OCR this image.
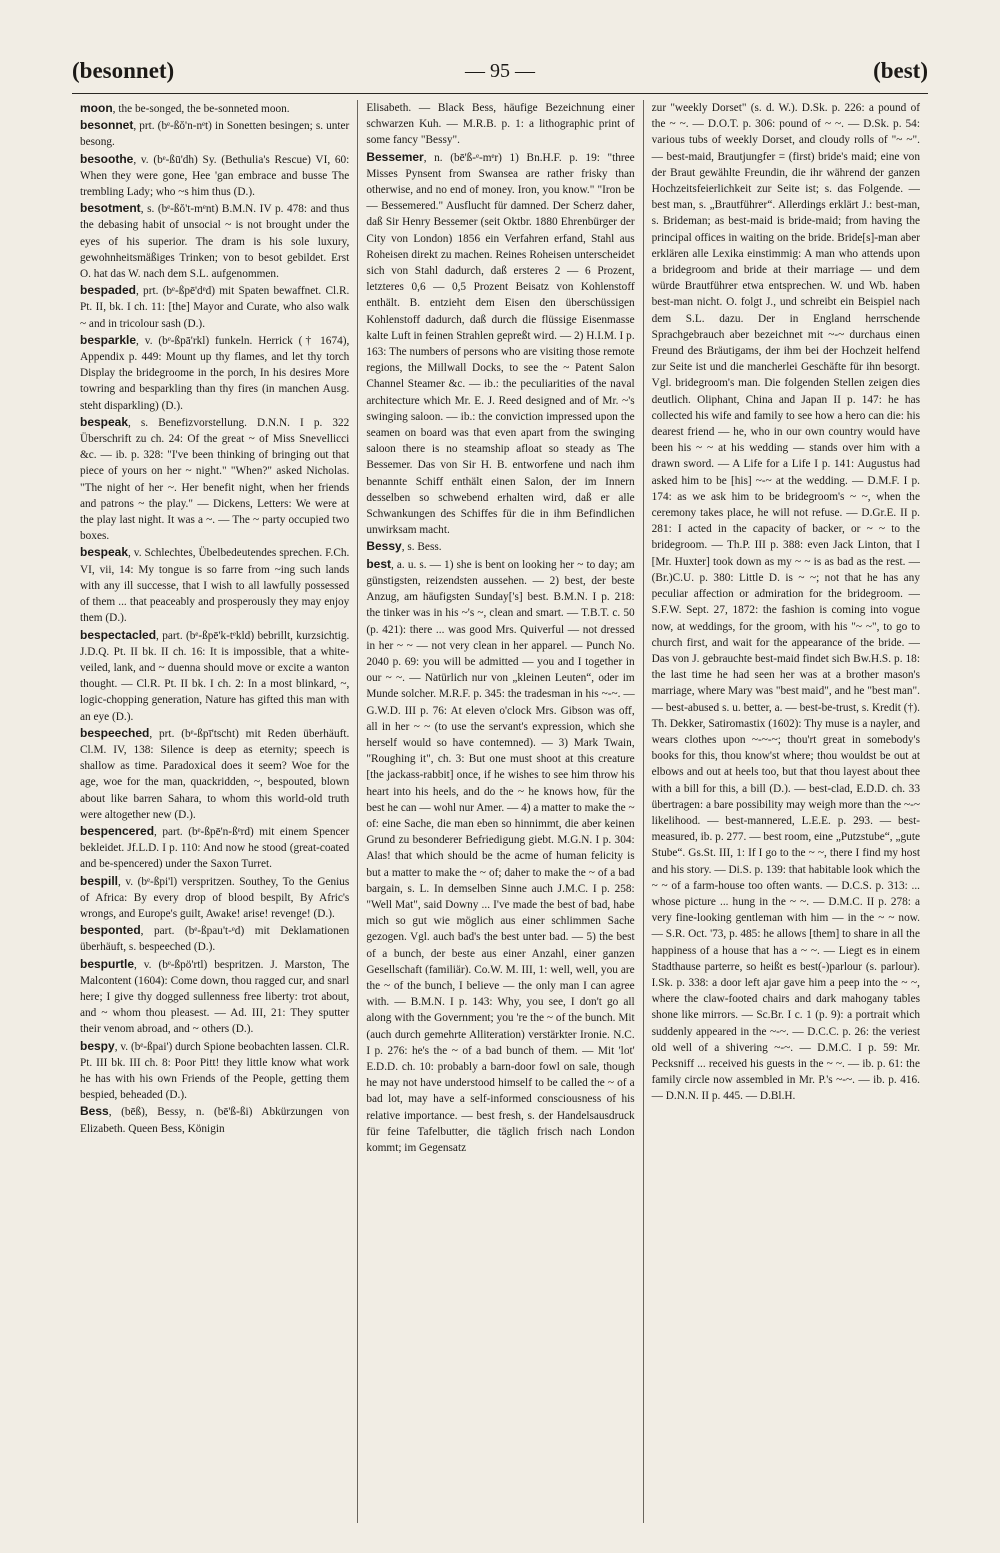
(besonnet)	— 95 —	(best)

moon, the be-songed, the be-sonneted moon.

besonnet, prt. (bᵉ-ßŏ'n-nᵉt) in Sonetten besingen; s. unter besong.

besoothe, v. (bᵉ-ßū'dh) Sy. (Bethulia's Rescue) VI, 60: When they were gone, Hee 'gan embrace and busse The trembling Lady; who ~s him thus (D.).

besotment, s. (bᵉ-ßŏ't-mᵉnt) B.M.N. IV p. 478: and thus the debasing habit of unsocial ~ is not brought under the eyes of his superior. The dram is his sole luxury, gewohnheitsmäßiges Trinken; von to besot gebildet. Erst O. hat das W. nach dem S.L. aufgenommen.

bespaded, prt. (bᵉ-ßpē'dᵉd) mit Spaten bewaffnet. Cl.R. Pt. II, bk. I ch. 11: [the] Mayor and Curate, who also walk ~ and in tricolour sash (D.).

besparkle, v. (bᵉ-ßpā'rkl) funkeln. Herrick († 1674), Appendix p. 449: Mount up thy flames, and let thy torch Display the bridegroome in the porch, In his desires More towring and besparkling than thy fires (in manchen Ausg. steht disparkling) (D.).

bespeak, s. Benefizvorstellung. D.N.N. I p. 322 Überschrift zu ch. 24: Of the great ~ of Miss Snevellicci &c. — ib. p. 328: "I've been thinking of bringing out that piece of yours on her ~ night." "When?" asked Nicholas. "The night of her ~. Her benefit night, when her friends and patrons ~ the play." — Dickens, Letters: We were at the play last night. It was a ~. — The ~ party occupied two boxes.

bespeak, v. Schlechtes, Übelbedeutendes sprechen. F.Ch. VI, vii, 14: My tongue is so farre from ~ing such lands with any ill successe, that I wish to all lawfully possessed of them ... that peaceably and prosperously they may enjoy them (D.).

bespectacled, part. (bᵉ-ßpē'k-tᵉkld) bebrillt, kurzsichtig. J.D.Q. Pt. II bk. II ch. 16: It is impossible, that a white-veiled, lank, and ~ duenna should move or excite a wanton thought. — Cl.R. Pt. II bk. I ch. 2: In a most blinkard, ~, logic-chopping generation, Nature has gifted this man with an eye (D.).

bespeeched, prt. (bᵉ-ßpī'tscht) mit Reden überhäuft. Cl.M. IV, 138: Silence is deep as eternity; speech is shallow as time. Paradoxical does it seem? Woe for the age, woe for the man, quackridden, ~, bespouted, blown about like barren Sahara, to whom this world-old truth were altogether new (D.).

bespencered, part. (bᵉ-ßpē'n-ßᵉrd) mit einem Spencer bekleidet. Jf.L.D. I p. 110: And now he stood (great-coated and be-spencered) under the Saxon Turret.

bespill, v. (bᵉ-ßpi'l) verspritzen. Southey, To the Genius of Africa: By every drop of blood bespilt, By Afric's wrongs, and Europe's guilt, Awake! arise! revenge! (D.).

besponted, part. (bᵉ-ßpau't-ᵉd) mit Deklamationen überhäuft, s. bespeeched (D.).

bespurtle, v. (bᵉ-ßpö'rtl) bespritzen. J. Marston, The Malcontent (1604): Come down, thou ragged cur, and snarl here; I give thy dogged sullenness free liberty: trot about, and ~ whom thou pleasest. — Ad. III, 21: They sputter their venom abroad, and ~ others (D.).

bespy, v. (bᵉ-ßpai') durch Spione beobachten lassen. Cl.R. Pt. III bk. III ch. 8: Poor Pitt! they little know what work he has with his own Friends of the People, getting them bespied, beheaded (D.).

Bess, (bēß), Bessy, n. (bē'ß-ßi) Abkürzungen von Elizabeth. Queen Bess, Königin

Elisabeth. — Black Bess, häufige Bezeichnung einer schwarzen Kuh. — M.R.B. p. 1: a lithographic print of some fancy "Bessy".

Bessemer, n. (bē'ß-ᵉ-mᵉr) 1) Bn.H.F. p. 19: "three Misses Pynsent from Swansea are rather frisky than otherwise, and no end of money. Iron, you know." "Iron be — Bessemered." Ausflucht für damned. Der Scherz daher, daß Sir Henry Bessemer (seit Oktbr. 1880 Ehrenbürger der City von London) 1856 ein Verfahren erfand, Stahl aus Roheisen direkt zu machen. Reines Roheisen unterscheidet sich von Stahl dadurch, daß ersteres 2 — 6 Prozent, letzteres 0,6 — 0,5 Prozent Beisatz von Kohlenstoff enthält. B. entzieht dem Eisen den überschüssigen Kohlenstoff dadurch, daß durch die flüssige Eisenmasse kalte Luft in feinen Strahlen gepreßt wird. — 2) H.I.M. I p. 163: The numbers of persons who are visiting those remote regions, the Millwall Docks, to see the ~ Patent Salon Channel Steamer &c. — ib.: the peculiarities of the naval architecture which Mr. E. J. Reed designed and of Mr. ~'s swinging saloon. — ib.: the conviction impressed upon the seamen on board was that even apart from the swinging saloon there is no steamship afloat so steady as The Bessemer. Das von Sir H. B. entworfene und nach ihm benannte Schiff enthält einen Salon, der im Innern desselben so schwebend erhalten wird, daß er alle Schwankungen des Schiffes für die in ihm Befindlichen unwirksam macht.

Bessy, s. Bess.

best, a. u. s. — 1) she is bent on looking her ~ to day; am günstigsten, reizendsten aussehen. — 2) best, der beste Anzug, am häufigsten Sunday['s] best. B.M.N. I p. 218: the tinker was in his ~'s ~, clean and smart. — T.B.T. c. 50 (p. 421): there ... was good Mrs. Quiverful — not dressed in her ~ ~ — not very clean in her apparel. — Punch No. 2040 p. 69: you will be admitted — you and I together in our ~ ~. — Natürlich nur von „kleinen Leuten“, oder im Munde solcher. M.R.F. p. 345: the tradesman in his ~-~. — G.W.D. III p. 76: At eleven o'clock Mrs. Gibson was off, all in her ~ ~ (to use the servant's expression, which she herself would so have contemned). — 3) Mark Twain, "Roughing it", ch. 3: But one must shoot at this creature [the jackass-rabbit] once, if he wishes to see him throw his heart into his heels, and do the ~ he knows how, für the best he can — wohl nur Amer. — 4) a matter to make the ~ of: eine Sache, die man eben so hinnimmt, die aber keinen Grund zu besonderer Befriedigung giebt. M.G.N. I p. 304: Alas! that which should be the acme of human felicity is but a matter to make the ~ of; daher to make the ~ of a bad bargain, s. L. In demselben Sinne auch J.M.C. I p. 258: "Well Mat", said Downy ... I've made the best of bad, habe mich so gut wie möglich aus einer schlimmen Sache gezogen. Vgl. auch bad's the best unter bad. — 5) the best of a bunch, der beste aus einer Anzahl, einer ganzen Gesellschaft (familiär). Co.W. M. III, 1: well, well, you are the ~ of the bunch, I believe — the only man I can agree with. — B.M.N. I p. 143: Why, you see, I don't go all along with the Government; you 're the ~ of the bunch. Mit (auch durch gemehrte Alliteration) verstärkter Ironie. N.C. I p. 276: he's the ~ of a bad bunch of them. — Mit 'lot' E.D.D. ch. 10: probably a barn-door fowl on sale, though he may not have understood himself to be called the ~ of a bad lot, may have a self-informed consciousness of his relative importance. — best fresh, s. der Handelsausdruck für feine Tafelbutter, die täglich frisch nach London kommt; im Gegensatz

zur "weekly Dorset" (s. d. W.). D.Sk. p. 226: a pound of the ~ ~. — D.O.T. p. 306: pound of ~ ~. — D.Sk. p. 54: various tubs of weekly Dorset, and cloudy rolls of "~ ~". — best-maid, Brautjungfer = (first) bride's maid; eine von der Braut gewählte Freundin, die ihr während der ganzen Hochzeitsfeierlichkeit zur Seite ist; s. das Folgende. — best man, s. „Brautführer“. Allerdings erklärt J.: best-man, s. Brideman; as best-maid is bride-maid; from having the principal offices in waiting on the bride. Bride[s]-man aber erklären alle Lexika einstimmig: A man who attends upon a bridegroom and bride at their marriage — und dem würde Brautführer etwa entsprechen. W. und Wb. haben best-man nicht. O. folgt J., und schreibt ein Beispiel nach dem S.L. dazu. Der in England herrschende Sprachgebrauch aber bezeichnet mit ~-~ durchaus einen Freund des Bräutigams, der ihm bei der Hochzeit helfend zur Seite ist und die mancherlei Geschäfte für ihn besorgt. Vgl. bridegroom's man. Die folgenden Stellen zeigen dies deutlich. Oliphant, China and Japan II p. 147: he has collected his wife and family to see how a hero can die: his dearest friend — he, who in our own country would have been his ~ ~ at his wedding — stands over him with a drawn sword. — A Life for a Life I p. 141: Augustus had asked him to be [his] ~-~ at the wedding. — D.M.F. I p. 174: as we ask him to be bridegroom's ~ ~, when the ceremony takes place, he will not refuse. — D.Gr.E. II p. 281: I acted in the capacity of backer, or ~ ~ to the bridegroom. — Th.P. III p. 388: even Jack Linton, that I [Mr. Huxter] took down as my ~ ~ is as bad as the rest. — (Br.)C.U. p. 380: Little D. is ~ ~; not that he has any peculiar affection or admiration for the bridegroom. — S.F.W. Sept. 27, 1872: the fashion is coming into vogue now, at weddings, for the groom, with his "~ ~", to go to church first, and wait for the appearance of the bride. — Das von J. gebrauchte best-maid findet sich Bw.H.S. p. 18: the last time he had seen her was at a brother mason's marriage, where Mary was "best maid", and he "best man". — best-abused s. u. better, a. — best-be-trust, s. Kredit (†). Th. Dekker, Satiromastix (1602): Thy muse is a nayler, and wears clothes upon ~-~-~; thou'rt great in somebody's books for this, thou know'st where; thou wouldst be out at elbows and out at heels too, but that thou layest about thee with a bill for this, a bill (D.). — best-clad, E.D.D. ch. 33 übertragen: a bare possibility may weigh more than the ~-~ likelihood. — best-mannered, L.E.E. p. 293. — best-measured, ib. p. 277. — best room, eine „Putzstube“, „gute Stube“. Gs.St. III, 1: If I go to the ~ ~, there I find my host and his story. — Di.S. p. 139: that habitable look which the ~ ~ of a farm-house too often wants. — D.C.S. p. 313: ... whose picture ... hung in the ~ ~. — D.M.C. II p. 278: a very fine-looking gentleman with him — in the ~ ~ now. — S.R. Oct. '73, p. 485: he allows [them] to share in all the happiness of a house that has a ~ ~. — Liegt es in einem Stadthause parterre, so heißt es best(-)parlour (s. parlour). I.Sk. p. 338: a door left ajar gave him a peep into the ~ ~, where the claw-footed chairs and dark mahogany tables shone like mirrors. — Sc.Br. I c. 1 (p. 9): a portrait which suddenly appeared in the ~-~. — D.C.C. p. 26: the veriest old well of a shivering ~-~. — D.M.C. I p. 59: Mr. Pecksniff ... received his guests in the ~ ~. — ib. p. 61: the family circle now assembled in Mr. P.'s ~-~. — ib. p. 416. — D.N.N. II p. 445. — D.Bl.H.
